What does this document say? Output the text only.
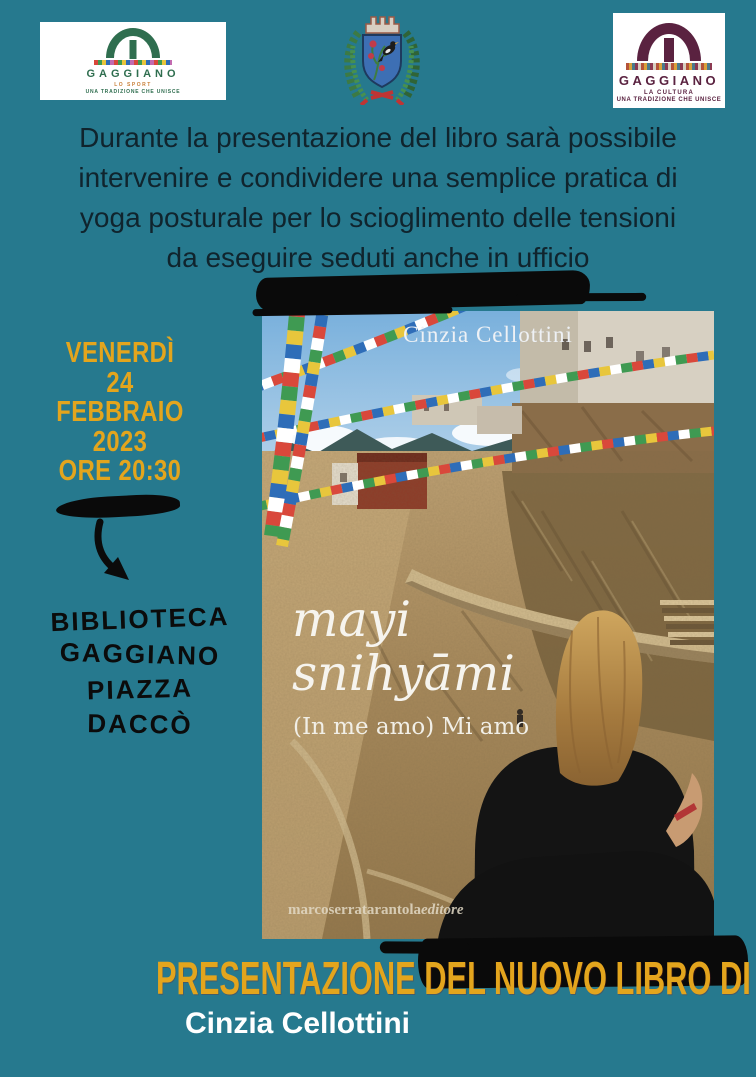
GAGGIANO
LO SPORT
UNA TRADIZIONE CHE UNISCE
GAGGIANO
LA CULTURA
UNA TRADIZIONE CHE UNISCE
Durante la presentazione del libro sarà possibile
intervenire e condividere una semplice pratica di
yoga posturale per lo scioglimento delle tensioni
da eseguire seduti anche in ufficio
VENERDÌ
24
FEBBRAIO
2023
ORE 20:30
BIBLIOTECA
GAGGIANO
PIAZZA
DACCÒ
Cinzia Cellottini
mayi
snihyāmi
(In me amo) Mi amo
marcoserratarantolaeditore
PRESENTAZIONE DEL NUOVO LIBRO DI
Cinzia Cellottini
